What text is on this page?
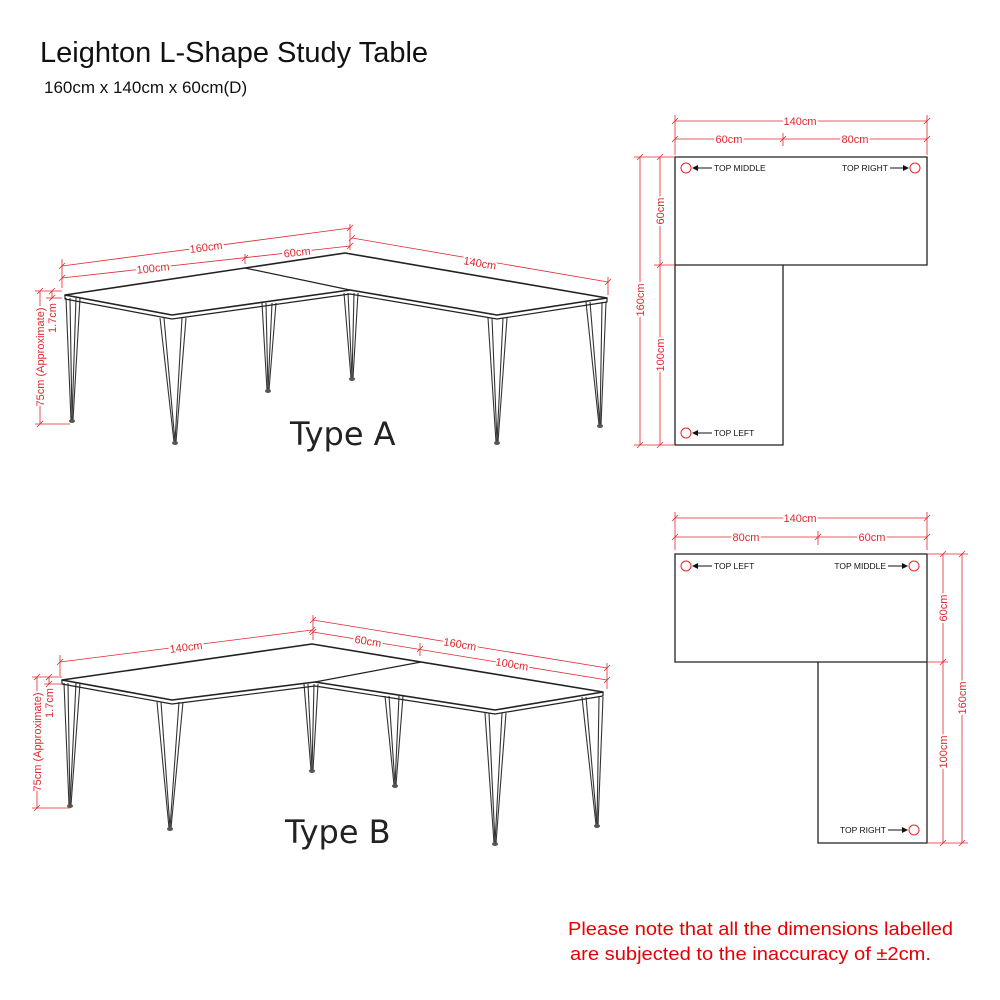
Leighton L-Shape Study Table
160cm x 140cm x 60cm(D)
160cm
100cm
60cm
140cm
1.7cm
75cm (Approximate)
Type A
140cm
60cm	80cm
160cm
60cm
100cm
TOP MIDDLE	TOP RIGHT
TOP LEFT
140cm	160cm
60cm
100cm
1.7cm
75cm (Approximate)
Type B
140cm
80cm	60cm
60cm
100cm
160cm
TOP LEFT	TOP MIDDLE
TOP RIGHT
Please note that all the dimensions labelled
are subjected to the inaccuracy of ±2cm.
